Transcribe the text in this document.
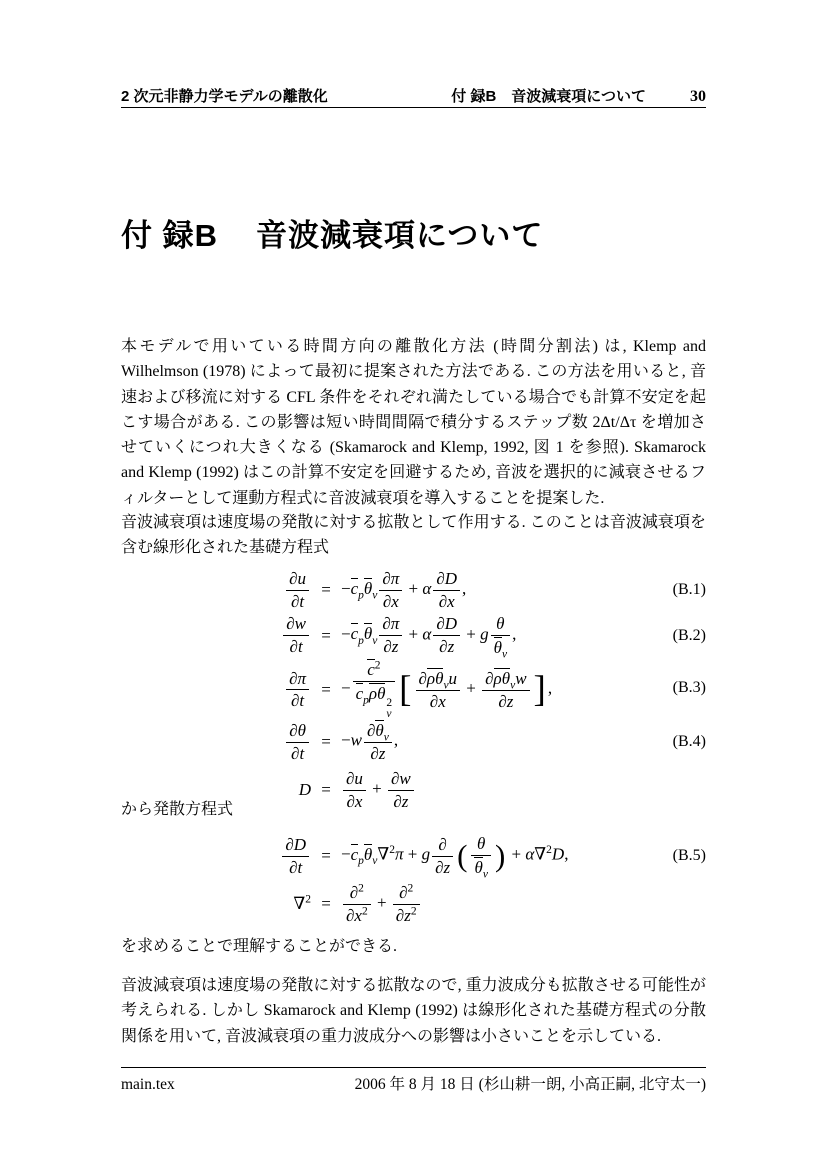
2 次元非静力学モデルの離散化	付 録B　音波減衰項について	30
付 録B 音波減衰項について
本モデルで用いている時間方向の離散化方法 (時間分割法) は, Klemp and Wilhelmson (1978) によって最初に提案された方法である. この方法を用いると, 音速および移流に対する CFL 条件をそれぞれ満たしている場合でも計算不安定を起こす場合がある. この影響は短い時間間隔で積分するステップ数 2Δt/Δτ を増加させていくにつれ大きくなる (Skamarock and Klemp, 1992, 図 1 を参照). Skamarock and Klemp (1992) はこの計算不安定を回避するため, 音波を選択的に減衰させるフィルターとして運動方程式に音波減衰項を導入することを提案した.
音波減衰項は速度場の発散に対する拡散として作用する. このことは音波減衰項を含む線形化された基礎方程式
$\frac{\partial u}{\partial t} = -c_p\theta_v \frac{\partial\pi}{\partial x} + \alpha \frac{\partial D}{\partial x}$ ,	(B.1)
$\frac{\partial w}{\partial t} = -c_p\theta_v \frac{\partial\pi}{\partial z} + \alpha \frac{\partial D}{\partial z} + g \frac{\theta}{\theta_v}$ ,	(B.2)
$\frac{\partial\pi}{\partial t}$ = −
$c^2$
$c_p\rho\theta$ 2
v
[ $\partial\rho\theta_vu$
∂x
+ $\partial\rho\theta_vw$
∂z ] ,	(B.3)
$\frac{\partial\theta}{\partial t} = -w \frac{\partial\theta_v}{\partial z}$ ,	(B.4)
$D = \frac{\partial u}{\partial x} + \frac{\partial w}{\partial z}$
から発散方程式
$\frac{\partial D}{\partial t} = -c_p\theta_v\nabla^2\pi + g$
∂
∂z ( $\frac{\theta}{\theta_v}$ ) + α∇$^2$D,	(B.5)
$\nabla^2 = \frac{\partial^2}{\partial x^2} + \frac{\partial^2}{\partial z^2}$
を求めることで理解することができる.
音波減衰項は速度場の発散に対する拡散なので, 重力波成分も拡散させる可能性が考えられる. しかし Skamarock and Klemp (1992) は線形化された基礎方程式の分散関係を用いて, 音波減衰項の重力波成分への影響は小さいことを示している.
main.tex	2006 年 8 月 18 日 (杉山耕一朗, 小高正嗣, 北守太一)
